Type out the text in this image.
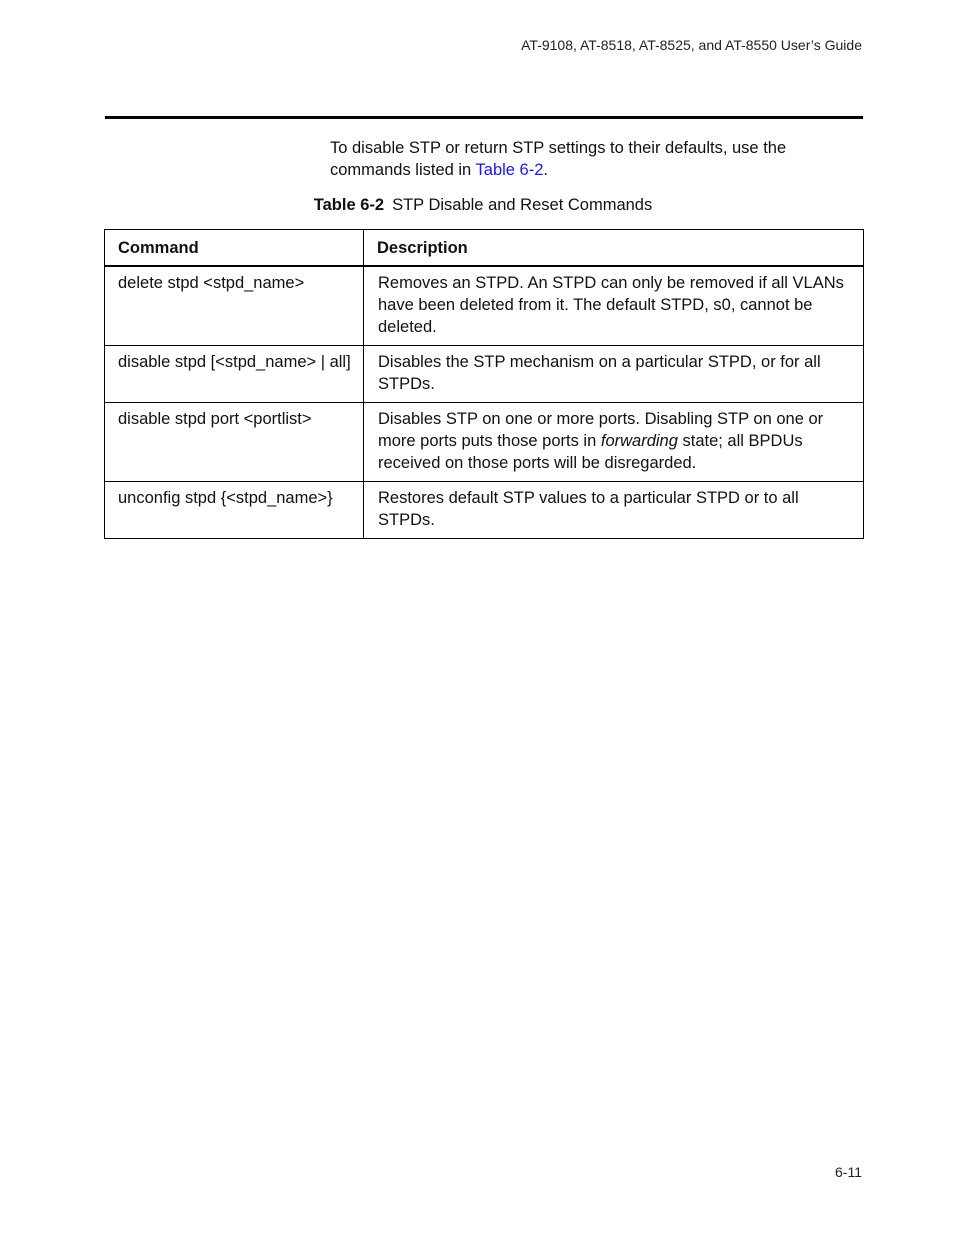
AT-9108, AT-8518, AT-8525, and AT-8550 User’s Guide

To disable STP or return STP settings to their defaults, use the commands listed in Table 6-2.

Table 6-2 STP Disable and Reset Commands
Command	Description
delete stpd <stpd_name>	Removes an STPD. An STPD can only be removed if all VLANs have been deleted from it. The default STPD, s0, cannot be deleted.
disable stpd [<stpd_name> | all]	Disables the STP mechanism on a particular STPD, or for all STPDs.
disable stpd port <portlist>	Disables STP on one or more ports. Disabling STP on one or more ports puts those ports in forwarding state; all BPDUs received on those ports will be disregarded.
unconfig stpd {<stpd_name>}	Restores default STP values to a particular STPD or to all STPDs.
6-11
